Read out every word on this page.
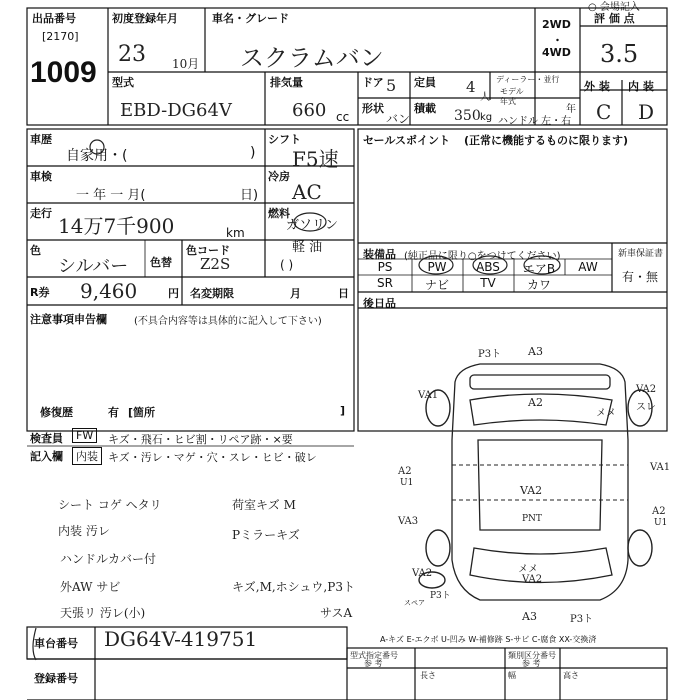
○ 会場記入
出品番号
[2170]
1009
初度登録年月
23 10月
車名・グレード
スクラムバン
2WD
・
4WD
評 価 点
3.5
型式
EBD-DG64V
排気量
660 cc
ドア 5 定員 4
人
ディーラー・並行
モデル
年式
年
形状
バン
積載 350 kg ハンドル 左・右
外 装 内 装
C D
車歴
自家用・(	)
シフト
F5速
車検
一 年 一 月(	日)
冷房
AC
走行
14万7千900	km
燃料
ガソリン
軽 油
( )
色
シルバー 色替
色コード
Z2S
R券 9,460	円 名変期限	月	日
注意事項申告欄	(不具合内容等は具体的に記入して下さい)
修復歴	有 [箇所	]
検査員	FW	キズ・飛石・ヒビ割・リペア跡・×要
記入欄	内装 キズ・汚レ・マゲ・穴・スレ・ヒビ・破レ
シート コゲ ヘタリ
内装 汚レ
ハンドルカバー付
外AW サビ
天張リ 汚レ(小)
荷室キズ M
Pミラーキズ
キズ,M,ホシュウ,P3ト
サスA
セールスポイント (正常に機能するものに限ります)
装備品 (純正品に限り○をつけてください)	新車保証書
有・無
PS	PW	ABS	エアB	AW
SR	ナビ	TV	カワ
後日品
P3ト A3
VA1
VA2
スレ
A2
メメ
A2
U1
VA2
VA1
VA3	PNT
A2
U1
VA2	メメ
VA2
P3ト
A3	P3ト
スペア
A-キズ E-エクボ U-凹み W-補修跡 S-サビ C-腐食 XX-交換済
車台番号 DG64V-419751
登録番号
型式指定番号
参 考
類別区分番号
参 考
長さ	幅	高さ
